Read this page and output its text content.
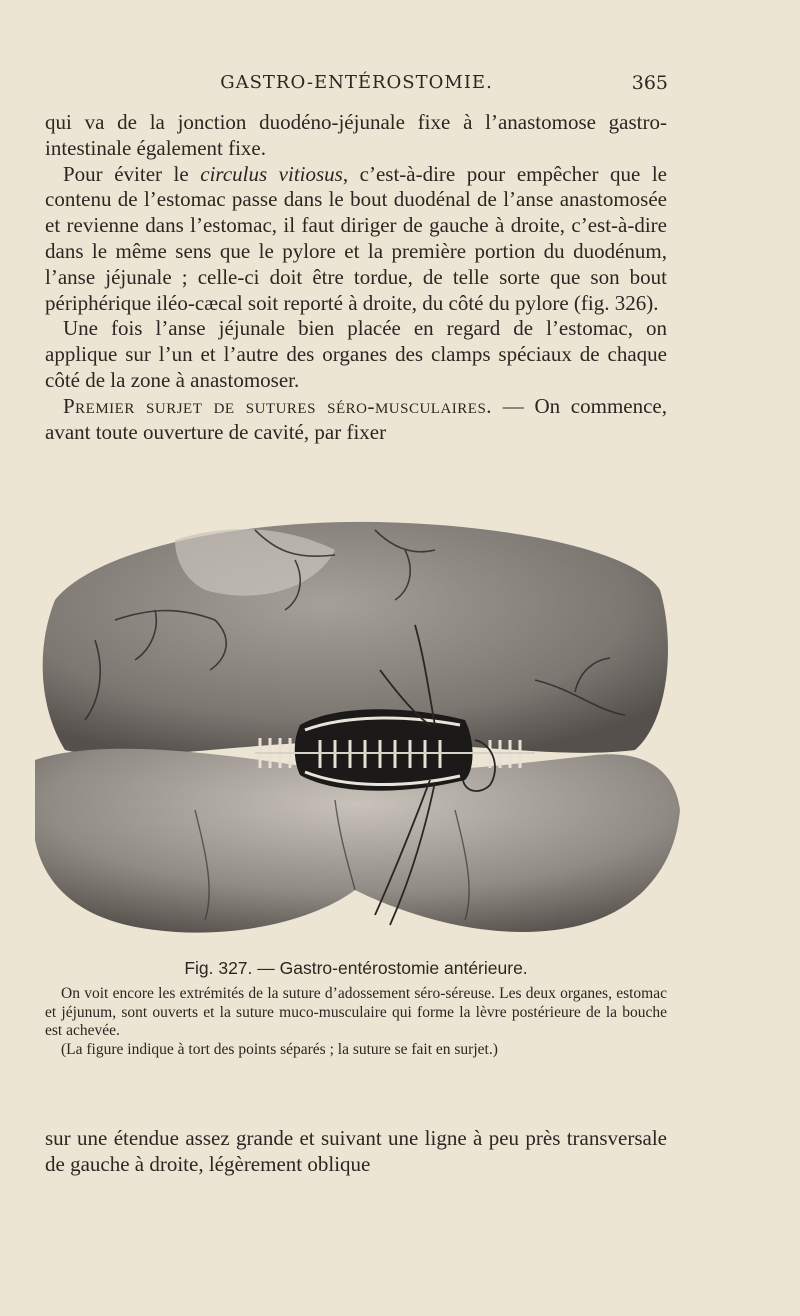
GASTRO-ENTÉROSTOMIE.	365

qui va de la jonction duodéno-jéjunale fixe à l’anastomose gastro-intestinale également fixe.

Pour éviter le circulus vitiosus, c’est-à-dire pour empêcher que le contenu de l’estomac passe dans le bout duodénal de l’anse anastomosée et revienne dans l’estomac, il faut diriger de gauche à droite, c’est-à-dire dans le même sens que le pylore et la première portion du duodénum, l’anse jéjunale ; celle-ci doit être tordue, de telle sorte que son bout périphérique iléo-cæcal soit reporté à droite, du côté du pylore (fig. 326).

Une fois l’anse jéjunale bien placée en regard de l’estomac, on applique sur l’un et l’autre des organes des clamps spéciaux de chaque côté de la zone à anastomoser.

Premier surjet de sutures séro-musculaires. — On commence, avant toute ouverture de cavité, par fixer

Fig. 327. — Gastro-entérostomie antérieure.

On voit encore les extrémités de la suture d’adossement séro-séreuse. Les deux organes, estomac et jéjunum, sont ouverts et la suture muco-musculaire qui forme la lèvre postérieure de la bouche est achevée.

(La figure indique à tort des points séparés ; la suture se fait en surjet.)

sur une étendue assez grande et suivant une ligne à peu près transversale de gauche à droite, légèrement oblique
